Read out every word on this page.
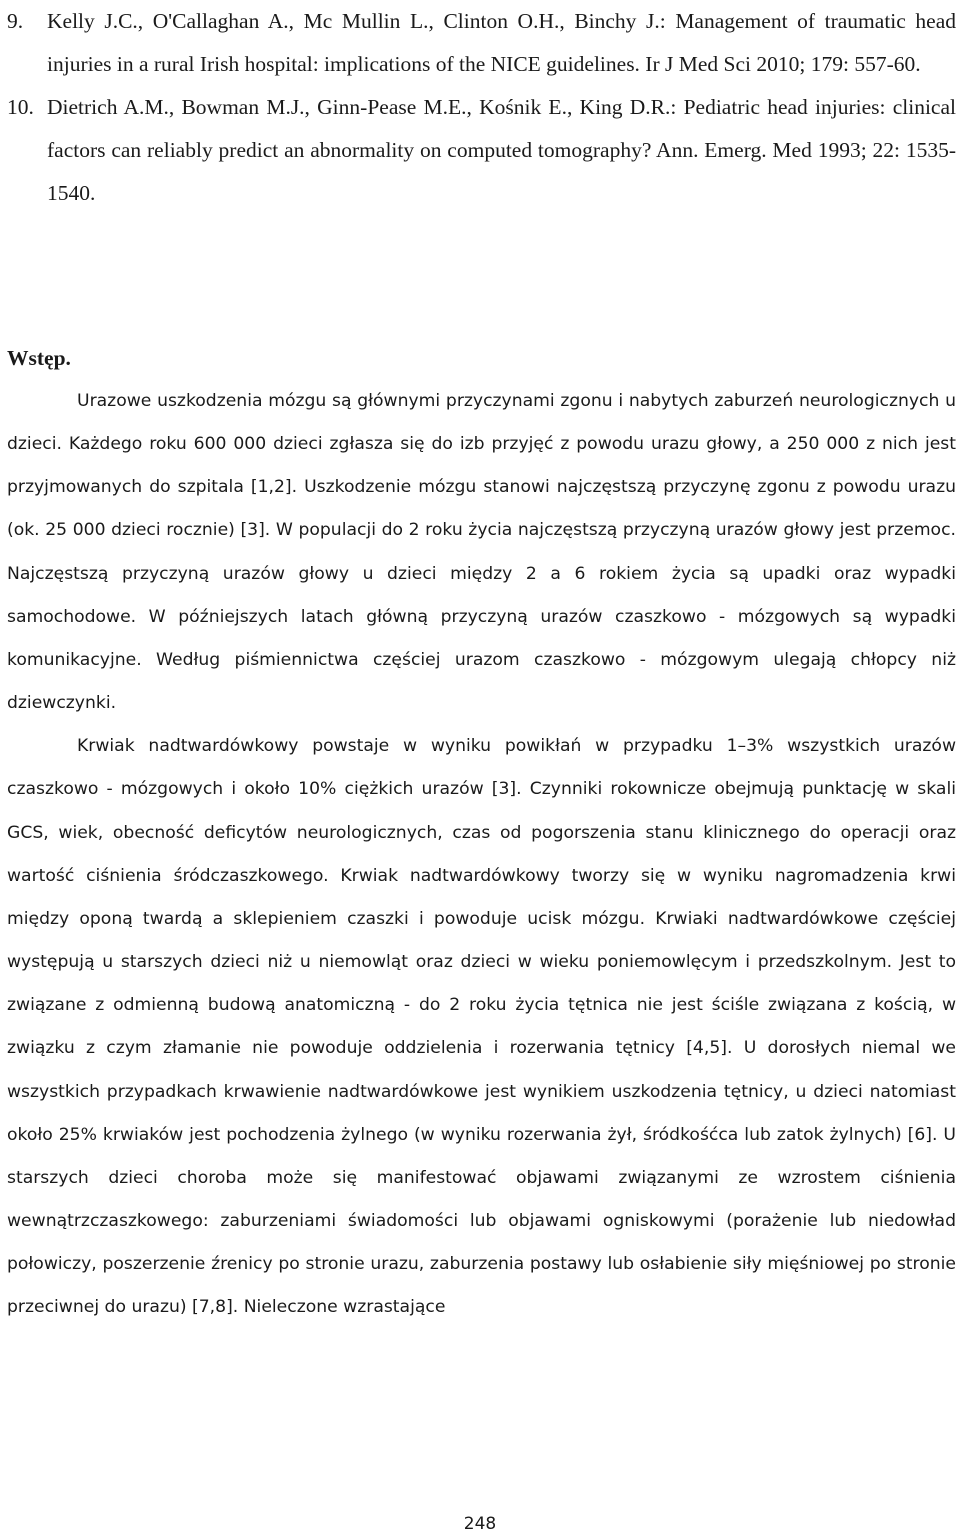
9. Kelly J.C., O'Callaghan A., Mc Mullin L., Clinton O.H., Binchy J.: Management of traumatic head injuries in a rural Irish hospital: implications of the NICE guidelines. Ir J Med Sci 2010; 179: 557-60.

10. Dietrich A.M., Bowman M.J., Ginn-Pease M.E., Kośnik E., King D.R.: Pediatric head injuries: clinical factors can reliably predict an abnormality on computed tomography? Ann. Emerg. Med 1993; 22: 1535-1540.

Wstęp.

Urazowe uszkodzenia mózgu są głównymi przyczynami zgonu i nabytych zaburzeń neurologicznych u dzieci. Każdego roku 600 000 dzieci zgłasza się do izb przyjęć z powodu urazu głowy, a 250 000 z nich jest przyjmowanych do szpitala [1,2]. Uszkodzenie mózgu stanowi najczęstszą przyczynę zgonu z powodu urazu (ok. 25 000 dzieci rocznie) [3]. W populacji do 2 roku życia najczęstszą przyczyną urazów głowy jest przemoc. Najczęstszą przyczyną urazów głowy u dzieci między 2 a 6 rokiem życia są upadki oraz wypadki samochodowe. W późniejszych latach główną przyczyną urazów czaszkowo - mózgowych są wypadki komunikacyjne. Według piśmiennictwa częściej urazom czaszkowo - mózgowym ulegają chłopcy niż dziewczynki.

Krwiak nadtwardówkowy powstaje w wyniku powikłań w przypadku 1–3% wszystkich urazów czaszkowo - mózgowych i około 10% ciężkich urazów [3]. Czynniki rokownicze obejmują punktację w skali GCS, wiek, obecność deficytów neurologicznych, czas od pogorszenia stanu klinicznego do operacji oraz wartość ciśnienia śródczaszkowego. Krwiak nadtwardówkowy tworzy się w wyniku nagromadzenia krwi między oponą twardą a sklepieniem czaszki i powoduje ucisk mózgu. Krwiaki nadtwardówkowe częściej występują u starszych dzieci niż u niemowląt oraz dzieci w wieku poniemowlęcym i przedszkolnym. Jest to związane z odmienną budową anatomiczną - do 2 roku życia tętnica nie jest ściśle związana z kością, w związku z czym złamanie nie powoduje oddzielenia i rozerwania tętnicy [4,5]. U dorosłych niemal we wszystkich przypadkach krwawienie nadtwardówkowe jest wynikiem uszkodzenia tętnicy, u dzieci natomiast około 25% krwiaków jest pochodzenia żylnego (w wyniku rozerwania żył, śródkośćca lub zatok żylnych) [6]. U starszych dzieci choroba może się manifestować objawami związanymi ze wzrostem ciśnienia wewnątrzczaszkowego: zaburzeniami świadomości lub objawami ogniskowymi (porażenie lub niedowład połowiczy, poszerzenie źrenicy po stronie urazu, zaburzenia postawy lub osłabienie siły mięśniowej po stronie przeciwnej do urazu) [7,8]. Nieleczone wzrastające

248
